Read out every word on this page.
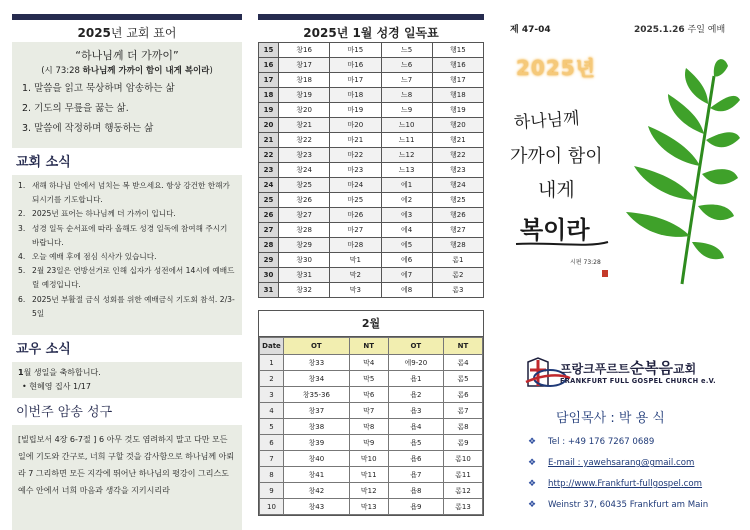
2025년 교회 표어
“하나님께 더 가까이”
(시 73:28 하나님께 가까이 함이 내게 복이라)
1. 말씀을 읽고 묵상하며 암송하는 삶
2. 기도의 무릎을 꿇는 삶.
3. 말씀에 작정하며 행동하는 삶
교회 소식
1. 새해 하나님 안에서 넘치는 복 받으세요. 항상 강건한 한해가 되시기를 기도합니다.
2. 2025년 표어는 하나님께 더 가까이 입니다.
3. 성경 일독 순서표에 따라 올해도 성경 일독에 참여해 주시기 바랍니다.
4. 오늘 예배 후에 점심 식사가 있습니다.
5. 2월 23일은 연방선거로 인해 십자가 성전에서 14시에 예배드릴 예정입니다.
6. 2025년 부활절 금식 성회를 위한 예배금식 기도회 참석. 2/3-5일
교우 소식
1월 생일을 축하합니다.
• 현혜영 집사 1/17
이번주 암송 성구

[빌립보서 4장 6-7절 ] 6 아무 것도 염려하지 말고 다만 모든 일에 기도와 간구로, 너희 구할 것을 감사함으로 하나님께 아뢰라 7 그리하면 모든 지각에 뛰어난 하나님의 평강이 그리스도 예수 안에서 너희 마음과 생각을 지키시리라

2025년 1월 성경 일독표
15	창16	마15	느5	행15
16	창17	마16	느6	행16
17	창18	마17	느7	행17
18	창19	마18	느8	행18
19	창20	마19	느9	행19
20	창21	마20	느10	행20
21	창22	마21	느11	행21
22	창23	마22	느12	행22
23	창24	마23	느13	행23
24	창25	마24	에1	행24
25	창26	마25	에2	행25
26	창27	마26	에3	행26
27	창28	마27	에4	행27
28	창29	마28	에5	행28
29	창30	막1	에6	롬1
30	창31	막2	에7	롬2
31	창32	막3	에8	롬3
2월
Date	OT	NT	OT	NT
1	창33	막4	에9-20	롬4
2	창34	막5	욥1	롬5
3	창35-36	막6	욥2	롬6
4	창37	막7	욥3	롬7
5	창38	막8	욥4	롬8
6	창39	막9	욥5	롬9
7	창40	막10	욥6	롬10
8	창41	막11	욥7	롬11
9	창42	막12	욥8	롬12
10	창43	막13	욥9	롬13
제 47-04	2025.1.26 주일 예배
2025년
하나님께
가까이 함이
내게
복이라
시편 73:28
프랑크푸르트순복음교회
FRANKFURT FULL GOSPEL CHURCH e.V.
담임목사 : 박 용 식
❖	Tel : +49 176 7267 0689
❖	E-mail : yawehsarang@gmail.com
❖	http://www.Frankfurt-fullgospel.com
❖	Weinstr 37, 60435 Frankfurt am Main
